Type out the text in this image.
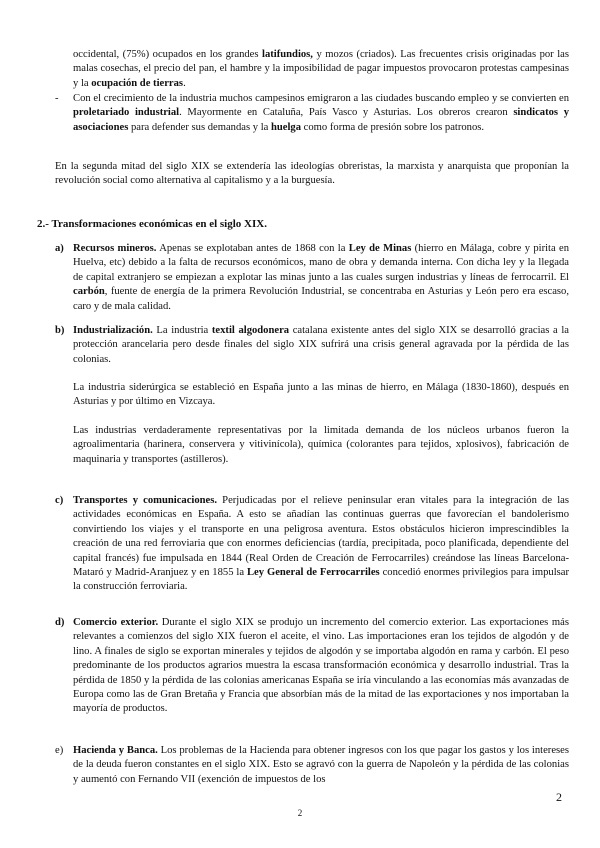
occidental, (75%) ocupados en los grandes latifundios, y mozos (criados). Las frecuentes crisis originadas por las malas cosechas, el precio del pan, el hambre y la imposibilidad de pagar impuestos provocaron protestas campesinas y la ocupación de tierras.
-	Con el crecimiento de la industria muchos campesinos emigraron a las ciudades buscando empleo y se convierten en proletariado industrial. Mayormente en Cataluña, País Vasco y Asturias. Los obreros crearon sindicatos y asociaciones para defender sus demandas y la huelga como forma de presión sobre los patronos.
En la segunda mitad del siglo XIX se extendería las ideologías obreristas, la marxista y anarquista que proponían la revolución social como alternativa al capitalismo y a la burguesía.
2.- Transformaciones económicas en el siglo XIX.
a) Recursos mineros. Apenas se explotaban antes de 1868 con la Ley de Minas (hierro en Málaga, cobre y pirita en Huelva, etc) debido a la falta de recursos económicos, mano de obra y demanda interna. Con dicha ley y la llegada de capital extranjero se empiezan a explotar las minas junto a las cuales surgen industrias y líneas de ferrocarril. El carbón, fuente de energía de la primera Revolución Industrial, se concentraba en Asturias y León pero era escaso, caro y de mala calidad.
b) Industrialización. La industria textil algodonera catalana existente antes del siglo XIX se desarrolló gracias a la protección arancelaria pero desde finales del siglo XIX sufrirá una crisis general agravada por la pérdida de las colonias.
La industria siderúrgica se estableció en España junto a las minas de hierro, en Málaga (1830-1860), después en Asturias y por último en Vizcaya.
Las industrias verdaderamente representativas por la limitada demanda de los núcleos urbanos fueron la agroalimentaria (harinera, conservera y vitivinícola), química (colorantes para tejidos, xplosivos), fabricación de maquinaria y transportes (astilleros).
c) Transportes y comunicaciones. Perjudicadas por el relieve peninsular eran vitales para la integración de las actividades económicas en España. A esto se añadían las continuas guerras que favorecían el bandolerismo convirtiendo los viajes y el transporte en una peligrosa aventura. Estos obstáculos hicieron imprescindibles la creación de una red ferroviaria que con enormes deficiencias (tardía, precipitada, poco planificada, dependiente del capital francés) fue impulsada en 1844 (Real Orden de Creación de Ferrocarriles) creándose las líneas Barcelona-Mataró y Madrid-Aranjuez y en 1855 la Ley General de Ferrocarriles concedió enormes privilegios para impulsar la construcción ferroviaria.
d) Comercio exterior. Durante el siglo XIX se produjo un incremento del comercio exterior. Las exportaciones más relevantes a comienzos del siglo XIX fueron el aceite, el vino. Las importaciones eran los tejidos de algodón y de lino. A finales de siglo se exportan minerales y tejidos de algodón y se importaba algodón en rama y carbón. El peso predominante de los productos agrarios muestra la escasa transformación económica y desarrollo industrial. Tras la pérdida de 1850 y la pérdida de las colonias americanas España se iría vinculando a las economías más avanzadas de Europa como las de Gran Bretaña y Francia que absorbían más de la mitad de las exportaciones y nos importaban la mayoría de productos.
e) Hacienda y Banca. Los problemas de la Hacienda para obtener ingresos con los que pagar los gastos y los intereses de la deuda fueron constantes en el siglo XIX. Esto se agravó con la guerra de Napoleón y la pérdida de las colonias y aumentó con Fernando VII (exención de impuestos de los
2
2
